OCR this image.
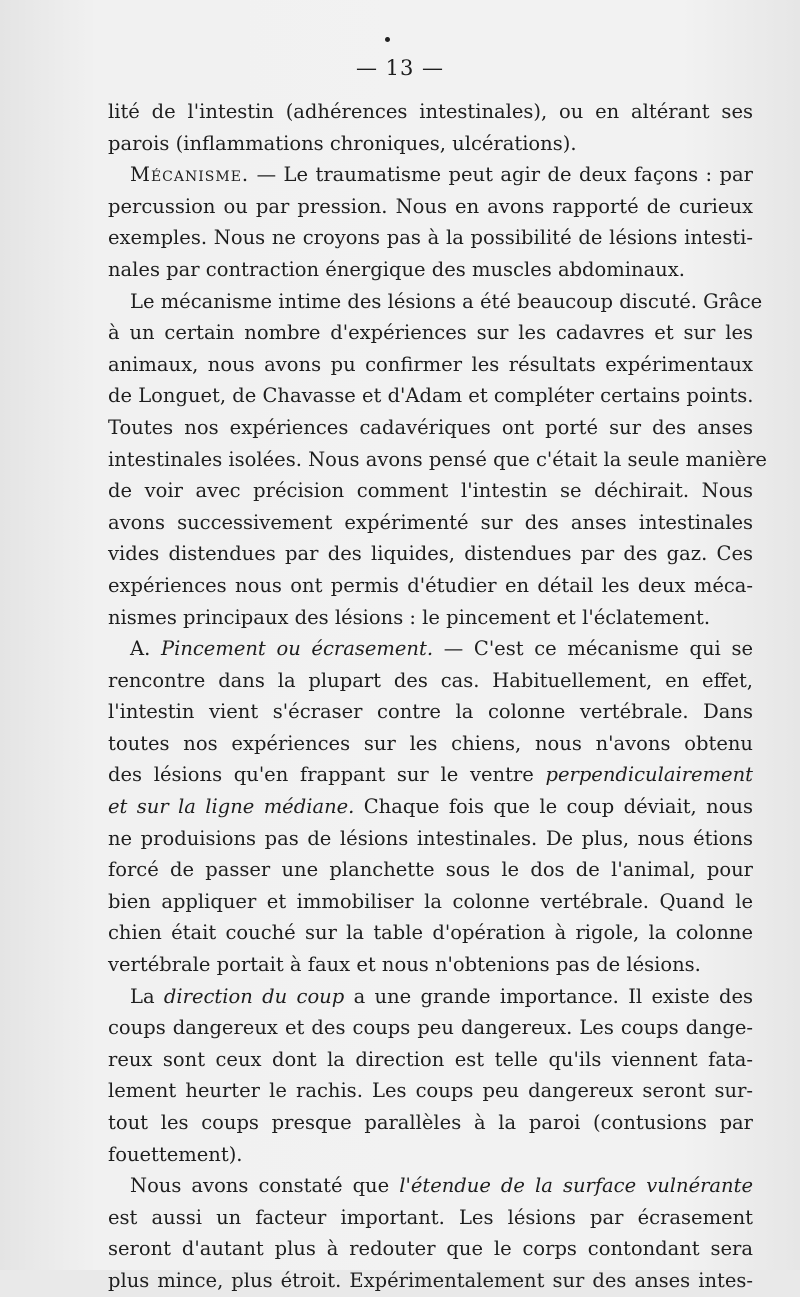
— 13 —
lité de l'intestin (adhérences intestinales), ou en altérant ses
parois (inflammations chroniques, ulcérations).
Mécanisme. — Le traumatisme peut agir de deux façons : par
percussion ou par pression. Nous en avons rapporté de curieux
exemples. Nous ne croyons pas à la possibilité de lésions intesti-
nales par contraction énergique des muscles abdominaux.
Le mécanisme intime des lésions a été beaucoup discuté. Grâce
à un certain nombre d'expériences sur les cadavres et sur les
animaux, nous avons pu confirmer les résultats expérimentaux
de Longuet, de Chavasse et d'Adam et compléter certains points.
Toutes nos expériences cadavériques ont porté sur des anses
intestinales isolées. Nous avons pensé que c'était la seule manière
de voir avec précision comment l'intestin se déchirait. Nous
avons successivement expérimenté sur des anses intestinales
vides distendues par des liquides, distendues par des gaz. Ces
expériences nous ont permis d'étudier en détail les deux méca-
nismes principaux des lésions : le pincement et l'éclatement.
A. Pincement ou écrasement. — C'est ce mécanisme qui se
rencontre dans la plupart des cas. Habituellement, en effet,
l'intestin vient s'écraser contre la colonne vertébrale. Dans
toutes nos expériences sur les chiens, nous n'avons obtenu
des lésions qu'en frappant sur le ventre perpendiculairement
et sur la ligne médiane. Chaque fois que le coup déviait, nous
ne produisions pas de lésions intestinales. De plus, nous étions
forcé de passer une planchette sous le dos de l'animal, pour
bien appliquer et immobiliser la colonne vertébrale. Quand le
chien était couché sur la table d'opération à rigole, la colonne
vertébrale portait à faux et nous n'obtenions pas de lésions.
La direction du coup a une grande importance. Il existe des
coups dangereux et des coups peu dangereux. Les coups dange-
reux sont ceux dont la direction est telle qu'ils viennent fata-
lement heurter le rachis. Les coups peu dangereux seront sur-
tout les coups presque parallèles à la paroi (contusions par
fouettement).
Nous avons constaté que l'étendue de la surface vulnérante
est aussi un facteur important. Les lésions par écrasement
seront d'autant plus à redouter que le corps contondant sera
plus mince, plus étroit. Expérimentalement sur des anses intes-
